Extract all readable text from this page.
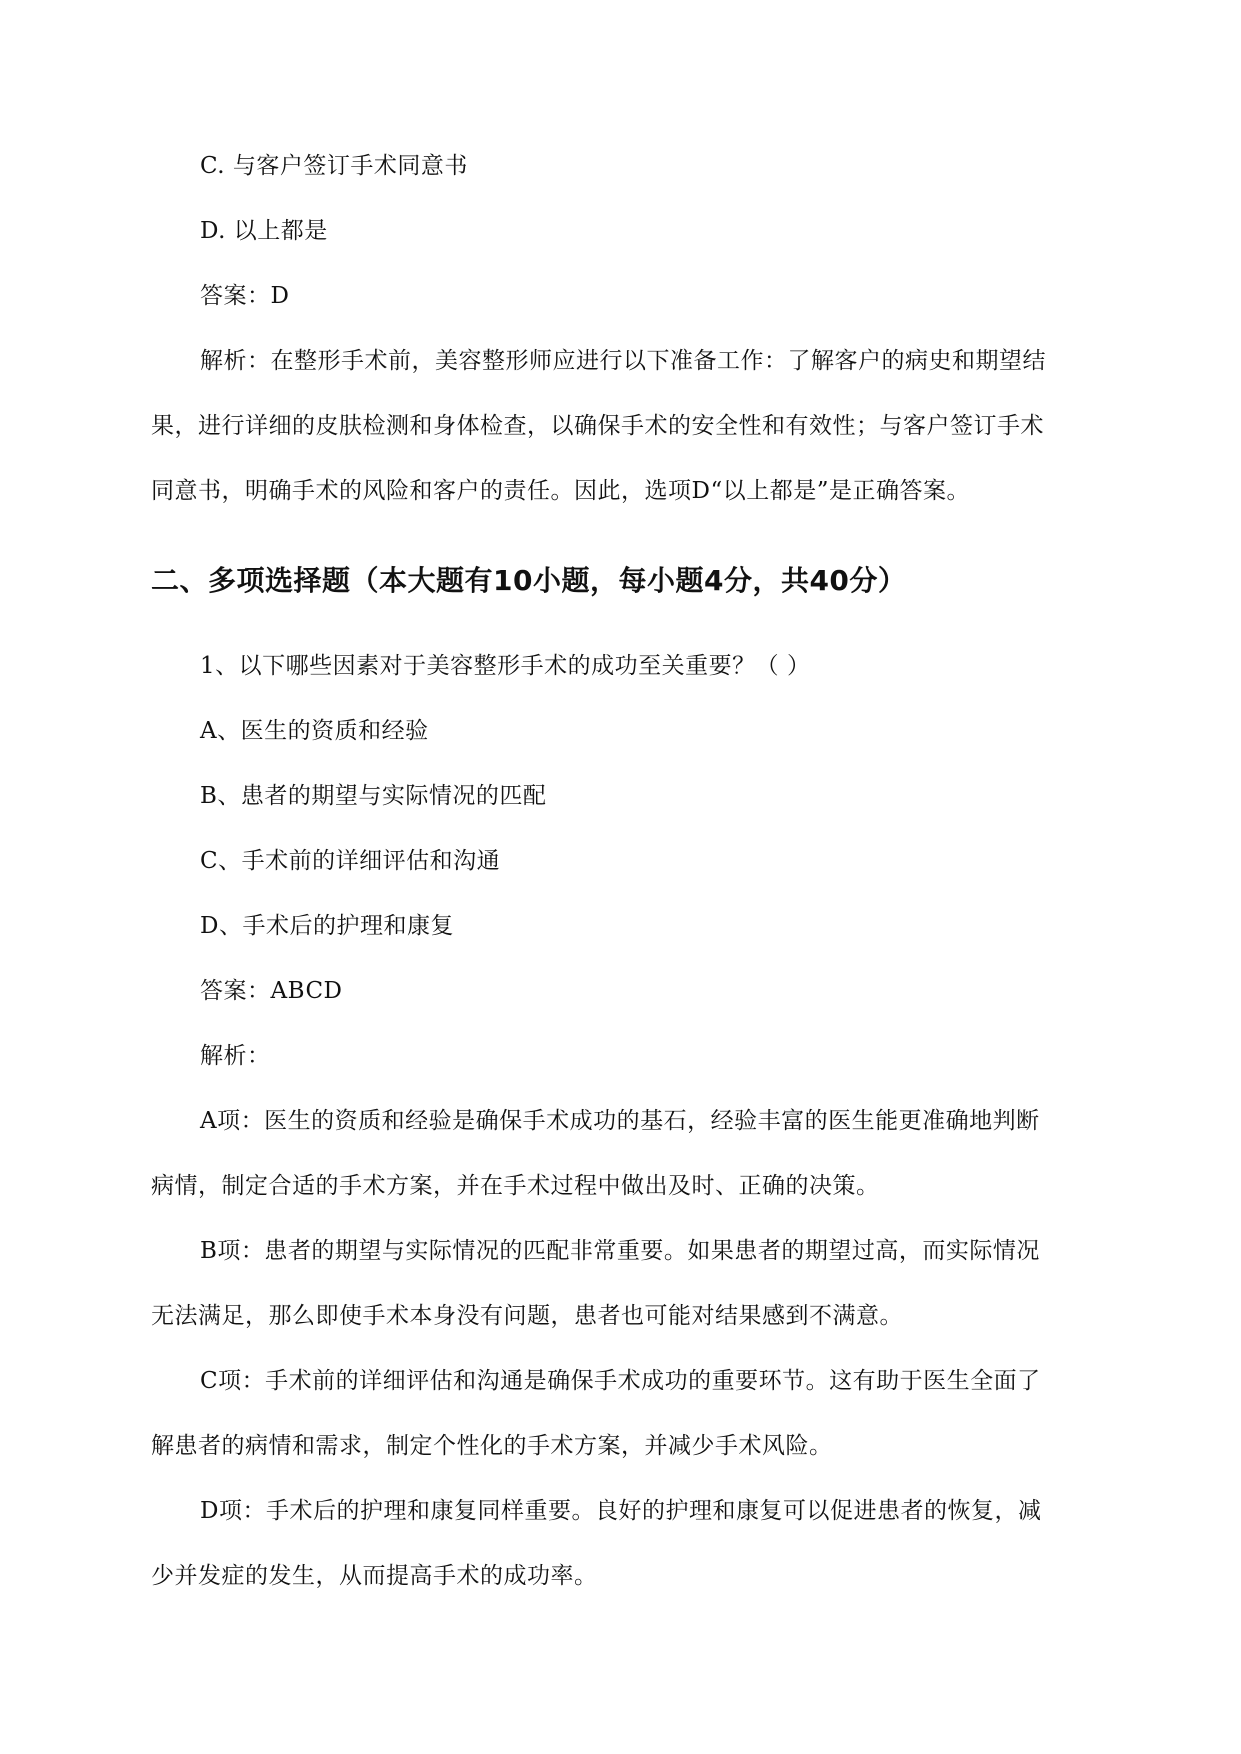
C. 与客户签订手术同意书
D. 以上都是
答案：D
解析：在整形手术前，美容整形师应进行以下准备工作：了解客户的病史和期望结
果，进行详细的皮肤检测和身体检查，以确保手术的安全性和有效性；与客户签订手术
同意书，明确手术的风险和客户的责任。因此，选项D“以上都是”是正确答案。
二、多项选择题（本大题有10小题，每小题4分，共40分）
1、以下哪些因素对于美容整形手术的成功至关重要？（ ）
A、医生的资质和经验
B、患者的期望与实际情况的匹配
C、手术前的详细评估和沟通
D、手术后的护理和康复
答案：ABCD
解析：
A项：医生的资质和经验是确保手术成功的基石，经验丰富的医生能更准确地判断
病情，制定合适的手术方案，并在手术过程中做出及时、正确的决策。
B项：患者的期望与实际情况的匹配非常重要。如果患者的期望过高，而实际情况
无法满足，那么即使手术本身没有问题，患者也可能对结果感到不满意。
C项：手术前的详细评估和沟通是确保手术成功的重要环节。这有助于医生全面了
解患者的病情和需求，制定个性化的手术方案，并减少手术风险。
D项：手术后的护理和康复同样重要。良好的护理和康复可以促进患者的恢复，减
少并发症的发生，从而提高手术的成功率。
